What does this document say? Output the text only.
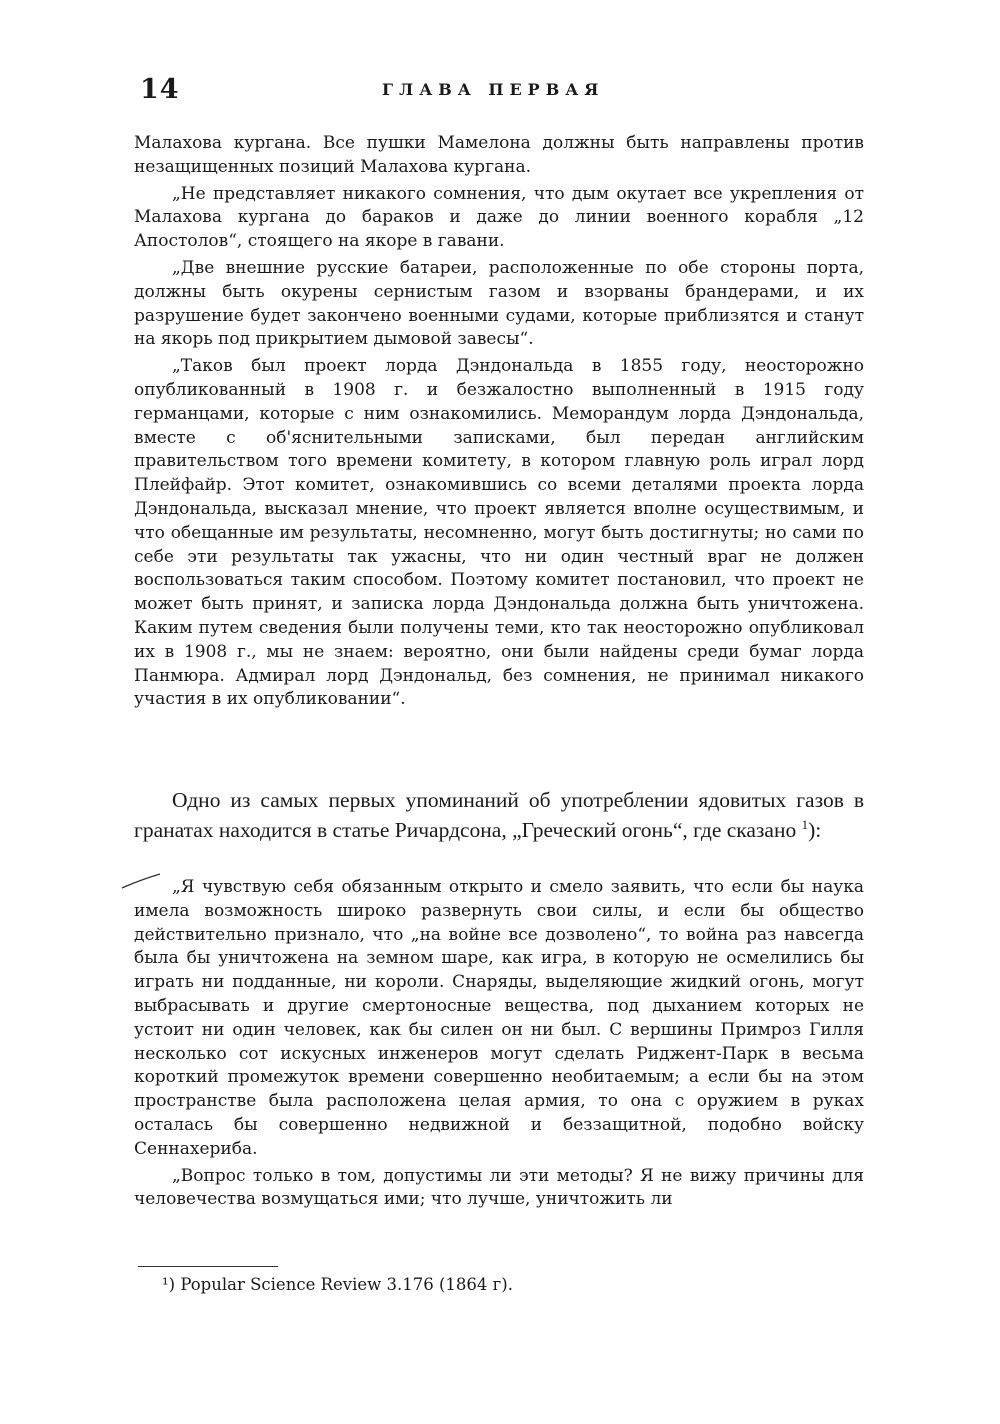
14	ГЛАВА ПЕРВАЯ

Малахова кургана. Все пушки Мамелона должны быть направлены против незащищенных позиций Малахова кургана.

„Не представляет никакого сомнения, что дым окутает все укрепления от Малахова кургана до бараков и даже до линии военного корабля „12 Апостолов“, стоящего на якоре в гавани.

„Две внешние русские батареи, расположенные по обе стороны порта, должны быть окурены сернистым газом и взорваны брандерами, и их разрушение будет закончено военными судами, которые приблизятся и станут на якорь под прикрытием дымовой завесы“.

„Таков был проект лорда Дэндональда в 1855 году, неосторожно опубликованный в 1908 г. и безжалостно выполненный в 1915 году германцами, которые с ним ознакомились. Меморандум лорда Дэндональда, вместе с об'яснительными записками, был передан английским правительством того времени комитету, в котором главную роль играл лорд Плейфайр. Этот комитет, ознакомившись со всеми деталями проекта лорда Дэндональда, высказал мнение, что проект является вполне осуществимым, и что обещанные им результаты, несомненно, могут быть достигнуты; но сами по себе эти результаты так ужасны, что ни один честный враг не должен воспользоваться таким способом. Поэтому комитет постановил, что проект не может быть принят, и записка лорда Дэндональда должна быть уничтожена. Каким путем сведения были получены теми, кто так неосторожно опубликовал их в 1908 г., мы не знаем: вероятно, они были найдены среди бумаг лорда Панмюра. Адмирал лорд Дэндональд, без сомнения, не принимал никакого участия в их опубликовании“.

Одно из самых первых упоминаний об употреблении ядовитых газов в гранатах находится в статье Ричардсона, „Греческий огонь“, где сказано $^1$):

„Я чувствую себя обязанным открыто и смело заявить, что если бы наука имела возможность широко развернуть свои силы, и если бы общество действительно признало, что „на войне все дозволено“, то война раз навсегда была бы уничтожена на земном шаре, как игра, в которую не осмелились бы играть ни подданные, ни короли. Снаряды, выделяющие жидкий огонь, могут выбрасывать и другие смертоносные вещества, под дыханием которых не устоит ни один человек, как бы силен он ни был. С вершины Примроз Гилля несколько сот искусных инженеров могут сделать Риджент-Парк в весьма короткий промежуток времени совершенно необитаемым; а если бы на этом пространстве была расположена целая армия, то она с оружием в руках осталась бы совершенно недвижной и беззащитной, подобно войску Сеннахериба.

„Вопрос только в том, допустимы ли эти методы? Я не вижу причины для человечества возмущаться ими; что лучше, уничтожить ли

¹) Popular Science Review 3.176 (1864 г).
